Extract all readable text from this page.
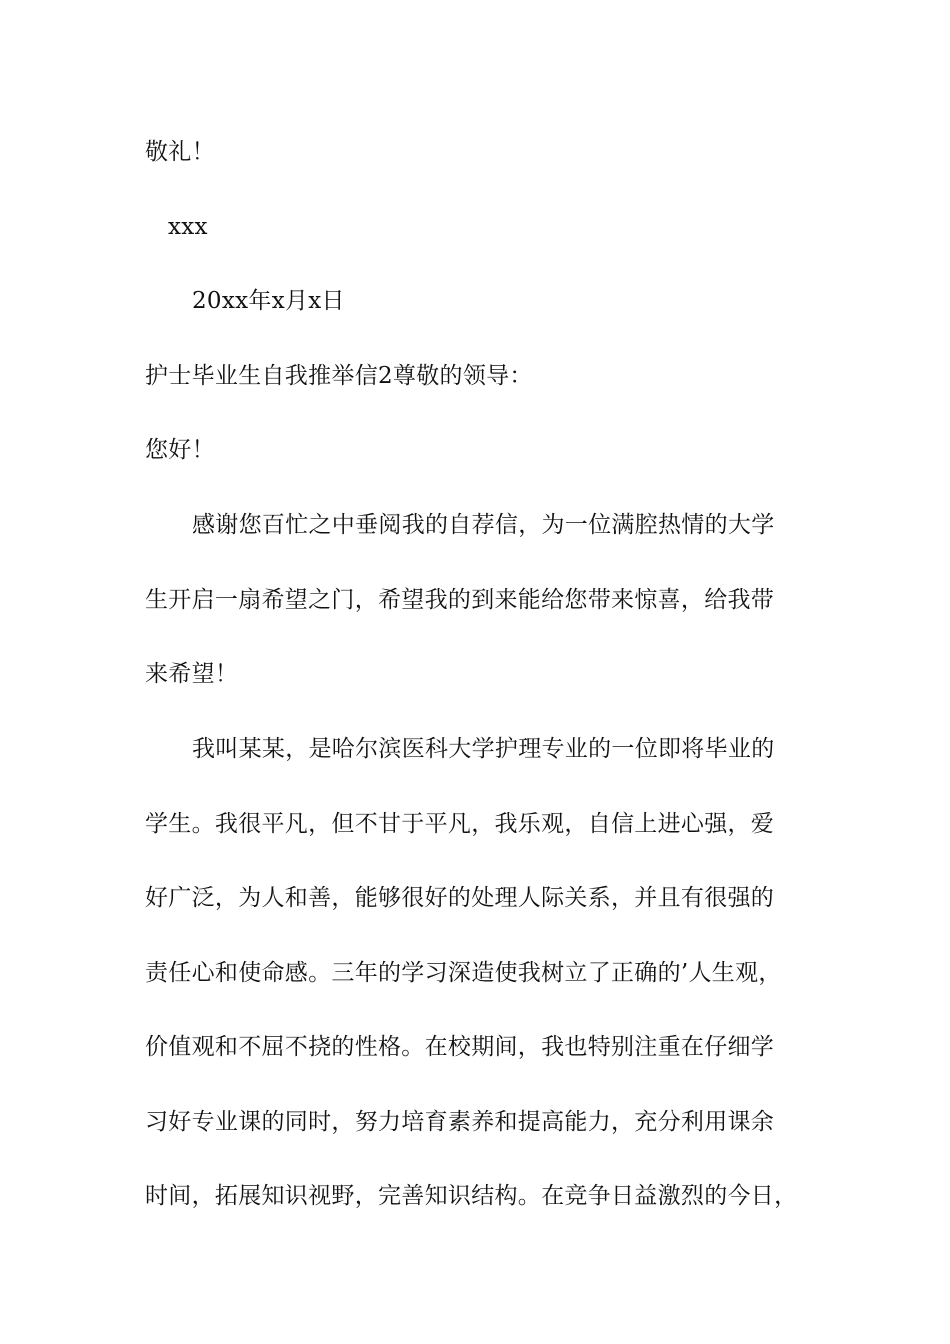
敬礼！
xxx
20xx年x月x日
护士毕业生自我推举信2尊敬的领导：
您好！
感谢您百忙之中垂阅我的自荐信，为一位满腔热情的大学
生开启一扇希望之门，希望我的到来能给您带来惊喜，给我带
来希望！
我叫某某，是哈尔滨医科大学护理专业的一位即将毕业的
学生。我很平凡，但不甘于平凡，我乐观，自信上进心强，爱
好广泛，为人和善，能够很好的处理人际关系，并且有很强的
责任心和使命感。三年的学习深造使我树立了正确的’人生观，
价值观和不屈不挠的性格。在校期间，我也特别注重在仔细学
习好专业课的同时，努力培育素养和提高能力，充分利用课余
时间，拓展知识视野，完善知识结构。在竞争日益激烈的今日，
